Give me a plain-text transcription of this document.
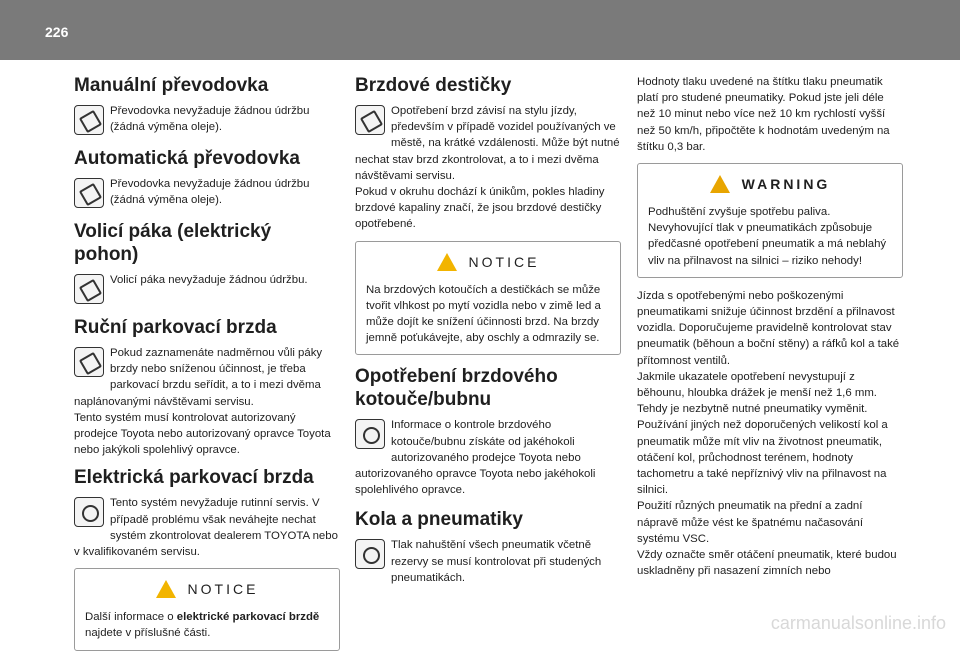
226
Manuální převodovka

Převodovka nevyžaduje žádnou údržbu (žádná výměna oleje).

Automatická převodovka

Převodovka nevyžaduje žádnou údržbu (žádná výměna oleje).

Volicí páka (elektrický
pohon)

Volicí páka nevyžaduje žádnou údržbu.

Ruční parkovací brzda

Pokud zaznamenáte nadměrnou vůli páky brzdy nebo sníženou účinnost, je třeba parkovací brzdu seřídit, a to i mezi dvěma naplánovanými návštěvami servisu.

Tento systém musí kontrolovat autorizovaný prodejce Toyota nebo autorizovaný opravce Toyota nebo jakýkoli spolehlivý opravce.

Elektrická parkovací brzda

Tento systém nevyžaduje rutinní servis. V případě problému však neváhejte nechat systém zkontrolovat dealerem TOYOTA nebo v kvalifikovaném servisu.

NOTICE

Další informace o elektrické parkovací brzdě najdete v příslušné části.

Brzdové destičky

Opotřebení brzd závisí na stylu jízdy, především v případě vozidel používaných ve městě, na krátké vzdálenosti. Může být nutné nechat stav brzd zkontrolovat, a to i mezi dvěma návštěvami servisu.

Pokud v okruhu dochází k únikům, pokles hladiny brzdové kapaliny značí, že jsou brzdové destičky opotřebené.

NOTICE

Na brzdových kotoučích a destičkách se může tvořit vlhkost po mytí vozidla nebo v zimě led a může dojít ke snížení účinnosti brzd. Na brzdy jemně poťukávejte, aby oschly a odmrazily se.

Opotřebení brzdového
kotouče/bubnu

Informace o kontrole brzdového kotouče/bubnu získáte od jakéhokoli autorizovaného prodejce Toyota nebo autorizovaného opravce Toyota nebo jakéhokoli spolehlivého opravce.

Kola a pneumatiky

Tlak nahuštění všech pneumatik včetně rezervy se musí kontrolovat při studených pneumatikách.

Hodnoty tlaku uvedené na štítku tlaku pneumatik platí pro studené pneumatiky. Pokud jste jeli déle než 10 minut nebo více než 10 km rychlostí vyšší než 50 km/h, připočtěte k hodnotám uvedeným na štítku 0,3 bar.

WARNING

Podhuštění zvyšuje spotřebu paliva. Nevyhovující tlak v pneumatikách způsobuje předčasné opotřebení pneumatik a má neblahý vliv na přilnavost na silnici – riziko nehody!

Jízda s opotřebenými nebo poškozenými pneumatikami snižuje účinnost brzdění a přilnavost vozidla. Doporučujeme pravidelně kontrolovat stav pneumatik (běhoun a boční stěny) a ráfků kol a také přítomnost ventilů.

Jakmile ukazatele opotřebení nevystupují z běhounu, hloubka drážek je menší než 1,6 mm. Tehdy je nezbytně nutné pneumatiky vyměnit.

Používání jiných než doporučených velikostí kol a pneumatik může mít vliv na životnost pneumatik, otáčení kol, průchodnost terénem, hodnoty tachometru a také nepříznivý vliv na přilnavost na silnici.

Použití různých pneumatik na přední a zadní nápravě může vést ke špatnému načasování systému VSC.

Vždy označte směr otáčení pneumatik, které budou uskladněny při nasazení zimních nebo

carmanualsonline.info
